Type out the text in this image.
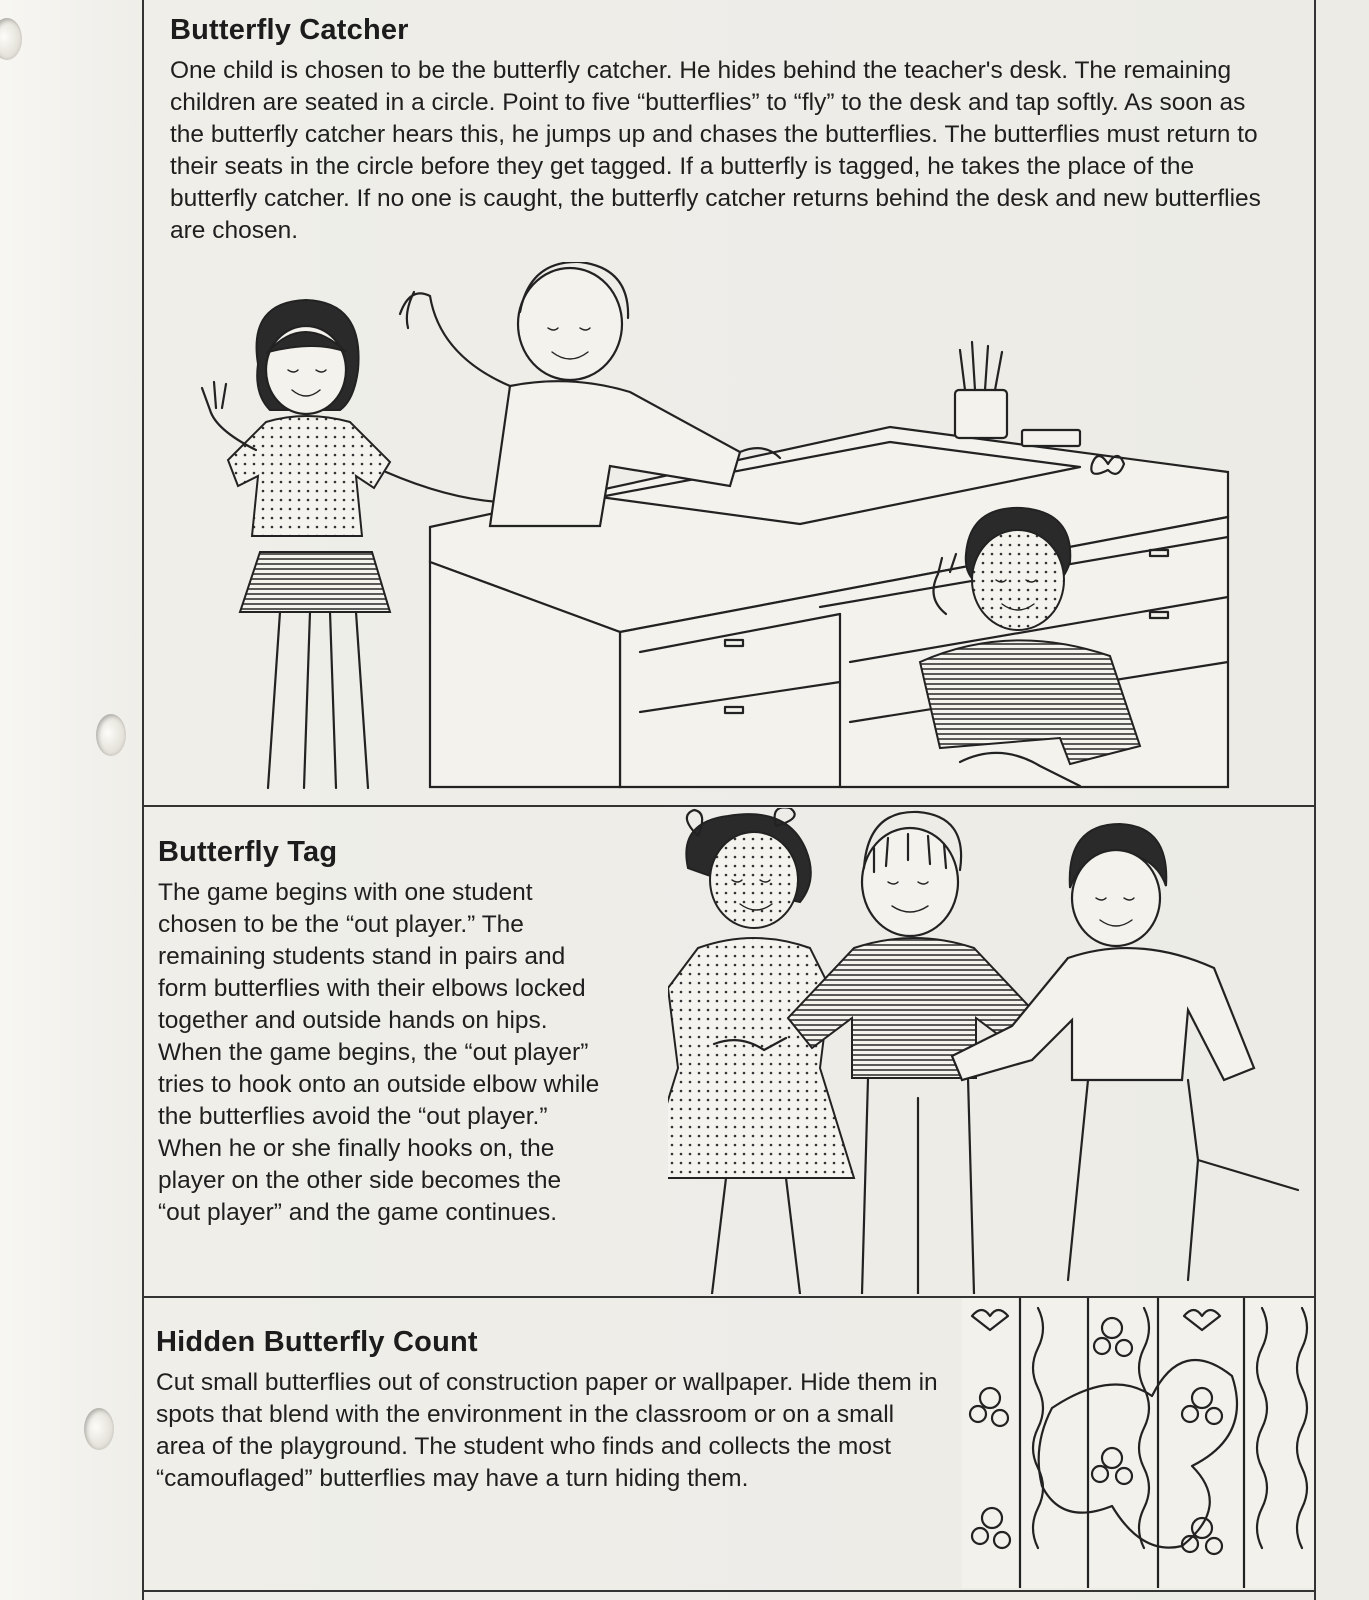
Butterfly Catcher

One child is chosen to be the butterfly catcher. He hides behind the teacher's desk. The remaining children are seated in a circle. Point to five “butterflies” to “fly” to the desk and tap softly. As soon as the butterfly catcher hears this, he jumps up and chases the butterflies. The butterflies must return to their seats in the circle before they get tagged. If a butterfly is tagged, he takes the place of the butterfly catcher. If no one is caught, the butterfly catcher returns behind the desk and new butterflies are chosen.

Butterfly Tag

The game begins with one student chosen to be the “out player.” The remaining students stand in pairs and form butterflies with their elbows locked together and outside hands on hips. When the game begins, the “out player” tries to hook onto an outside elbow while the butterflies avoid the “out player.” When he or she finally hooks on, the player on the other side becomes the “out player” and the game continues.

Hidden Butterfly Count

Cut small butterflies out of construction paper or wallpaper. Hide them in spots that blend with the environment in the classroom or on a small area of the playground. The student who finds and collects the most “camouflaged” butterflies may have a turn hiding them.
